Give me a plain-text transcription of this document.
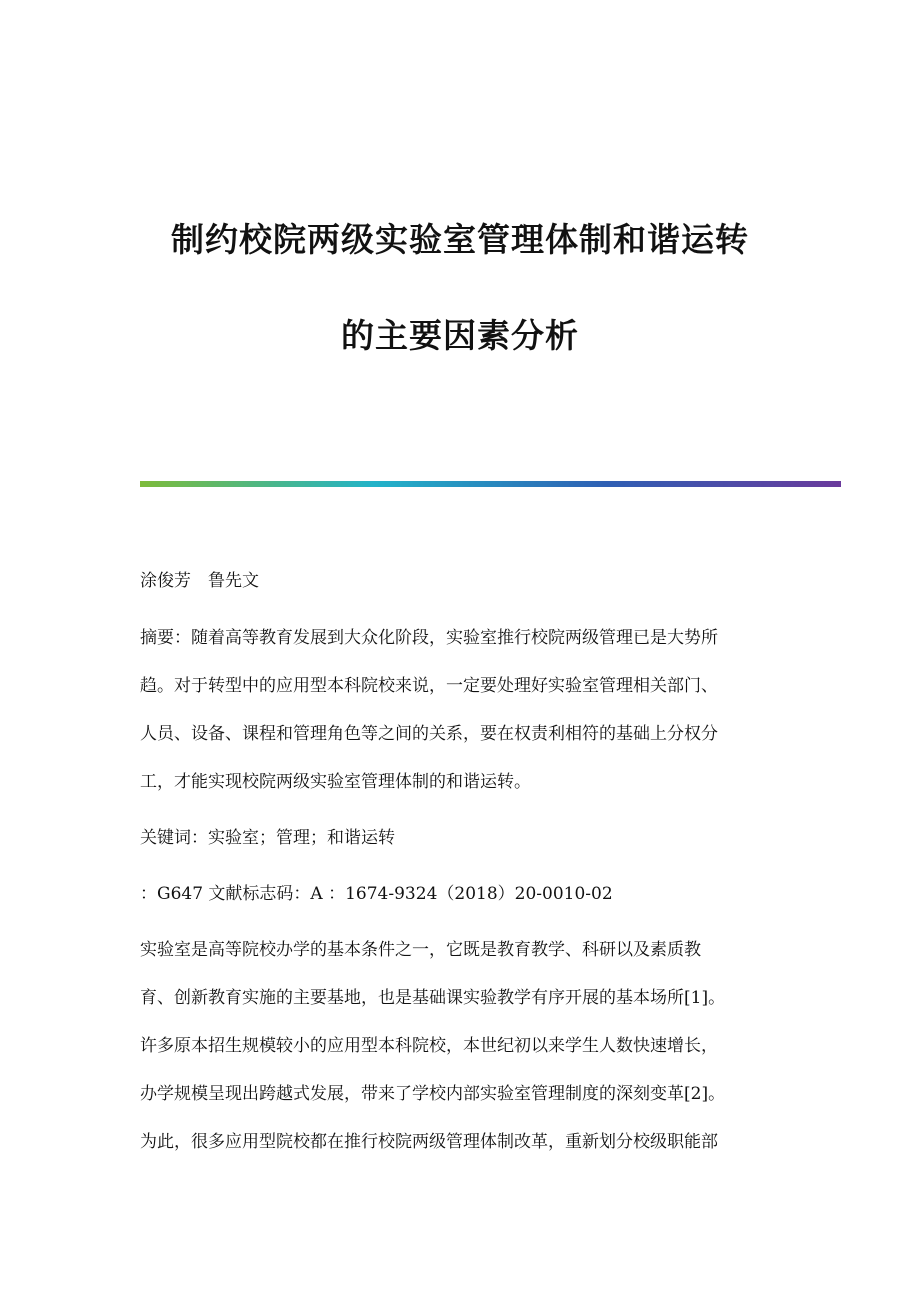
制约校院两级实验室管理体制和谐运转
的主要因素分析
涂俊芳　鲁先文
摘要：随着高等教育发展到大众化阶段，实验室推行校院两级管理已是大势所
趋。对于转型中的应用型本科院校来说，一定要处理好实验室管理相关部门、
人员、设备、课程和管理角色等之间的关系，要在权责利相符的基础上分权分
工，才能实现校院两级实验室管理体制的和谐运转。
关键词：实验室；管理；和谐运转
：G647 文献标志码：A ：1674-9324（2018）20-0010-02
实验室是高等院校办学的基本条件之一，它既是教育教学、科研以及素质教
育、创新教育实施的主要基地，也是基础课实验教学有序开展的基本场所[1]。
许多原本招生规模较小的应用型本科院校，本世纪初以来学生人数快速增长，
办学规模呈现出跨越式发展，带来了学校内部实验室管理制度的深刻变革[2]。
为此，很多应用型院校都在推行校院两级管理体制改革，重新划分校级职能部
